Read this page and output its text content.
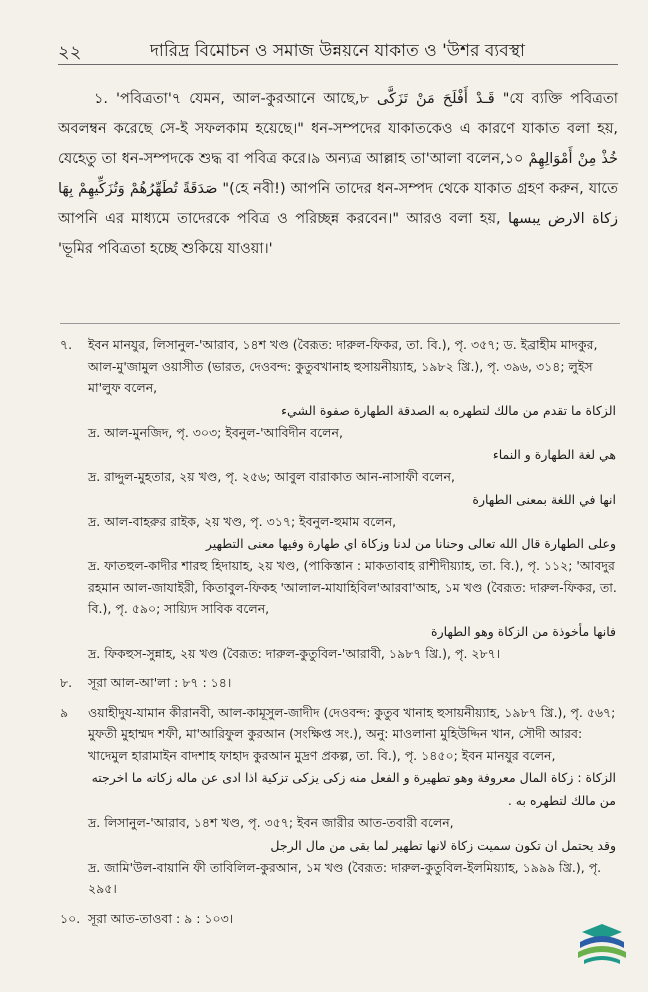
২২	দারিদ্র বিমোচন ও সমাজ উন্নয়নে যাকাত ও 'উশর ব্যবস্থা

১. 'পবিত্রতা'৭ যেমন, আল-কুরআনে আছে,৮ قَـدْ أَفْلَحَ مَنْ تَزَكَّى "যে ব্যক্তি পবিত্রতা অবলম্বন করেছে সে-ই সফলকাম হয়েছে।" ধন-সম্পদের যাকাতকেও এ কারণে যাকাত বলা হয়, যেহেতু তা ধন-সম্পদকে শুদ্ধ বা পবিত্র করে।৯ অন্যত্র আল্লাহ তা'আলা বলেন,১০ خُذْ مِنْ أَمْوَالِهِمْ صَدَقَةً تُطَهِّرُهُمْ وَتُزَكِّيهِمْ بِهَا "(হে নবী!) আপনি তাদের ধন-সম্পদ থেকে যাকাত গ্রহণ করুন, যাতে আপনি এর মাধ্যমে তাদেরকে পবিত্র ও পরিচ্ছন্ন করবেন।" আরও বলা হয়, زكاة الارض يبسها 'ভূমির পবিত্রতা হচ্ছে শুকিয়ে যাওয়া।'

৭. ইবন মানযুর, লিসানুল-'আরাব, ১৪শ খণ্ড (বৈরূত: দারুল-ফিকর, তা. বি.), পৃ. ৩৫৭; ড. ইব্রাহীম মাদকুর, আল-মু'জামুল ওয়াসীত (ভারত, দেওবন্দ: কুতুবখানাহ হুসায়নীয়্যাহ, ১৯৮২ খ্রি.), পৃ. ৩৯৬, ৩১৪; লুইস মা'লুফ বলেন,
الزكاة ما تقدم من مالك لتطهره به الصدقة الطهارة صفوة الشيء
দ্র. আল-মুনজিদ, পৃ. ৩০৩; ইবনুল-'আবিদীন বলেন,
هي لغة الطهارة و النماء
দ্র. রাদ্দুল-মুহতার, ২য় খণ্ড, পৃ. ২৫৬; আবুল বারাকাত আন-নাসাফী বলেন,
انها في اللغة بمعنى الطهارة
দ্র. আল-বাহরুর রাইক, ২য় খণ্ড, পৃ. ৩১৭; ইবনুল-হুমাম বলেন,
وعلى الطهارة قال الله تعالى وحنانا من لدنا وزكاة اي طهارة وفيها معنى التطهير
দ্র. ফাতহুল-কাদীর শারহু হিদায়াহ, ২য় খণ্ড, (পাকিস্তান : মাকতাবাহ রাশীদীয়্যাহ, তা. বি.), পৃ. ১১২; 'আবদুর রহমান আল-জাযাইরী, কিতাবুল-ফিকহ 'আলাল-মাযাহিবিল'আরবা'আহ, ১ম খণ্ড (বৈরূত: দারুল-ফিকর, তা. বি.), পৃ. ৫৯০; সায়্যিদ সাবিক বলেন,
فانها مأخوذة من الزكاة وهو الطهارة
দ্র. ফিকহুস-সুন্নাহ, ২য় খণ্ড (বৈরূত: দারুল-কুতুবিল-'আরাবী, ১৯৮৭ খ্রি.), পৃ. ২৮৭।
৮. সূরা আল-আ'লা : ৮৭ : ১৪।
৯ ওয়াহীদুয-যামান কীরানবী, আল-কামূসুল-জাদীদ (দেওবন্দ: কুতুব খানাহ হুসায়নীয়্যাহ, ১৯৮৭ খ্রি.), পৃ. ৫৬৭; মুফতী মুহাম্মদ শফী, মা'আরিফুল কুরআন (সংক্ষিপ্ত সং.), অনু: মাওলানা মুহিউদ্দিন খান, সৌদী আরব: খাদেমুল হারামাইন বাদশাহ ফাহাদ কুরআন মুদ্রণ প্রকল্প, তা. বি.), পৃ. ১৪৫০; ইবন মানযুর বলেন,
الزكاة : زكاة المال معروفة وهو تطهيرة و الفعل منه زكى يزكى تزكية اذا ادى عن ماله زكاته ما اخرجته من مالك لتطهره به .
দ্র. লিসানুল-'আরাব, ১৪শ খণ্ড, পৃ. ৩৫৭; ইবন জারীর আত-তবারী বলেন,
وقد يحتمل ان تكون سميت زكاة لانها تطهير لما بقى من مال الرجل
দ্র. জামি'উল-বায়ানি ফী তাবিলিল-কুরআন, ১ম খণ্ড (বৈরূত: দারুল-কুতুবিল-ইলমিয়্যাহ, ১৯৯৯ খ্রি.), পৃ. ২৯৫।
১০. সূরা আত-তাওবা : ৯ : ১০৩।
